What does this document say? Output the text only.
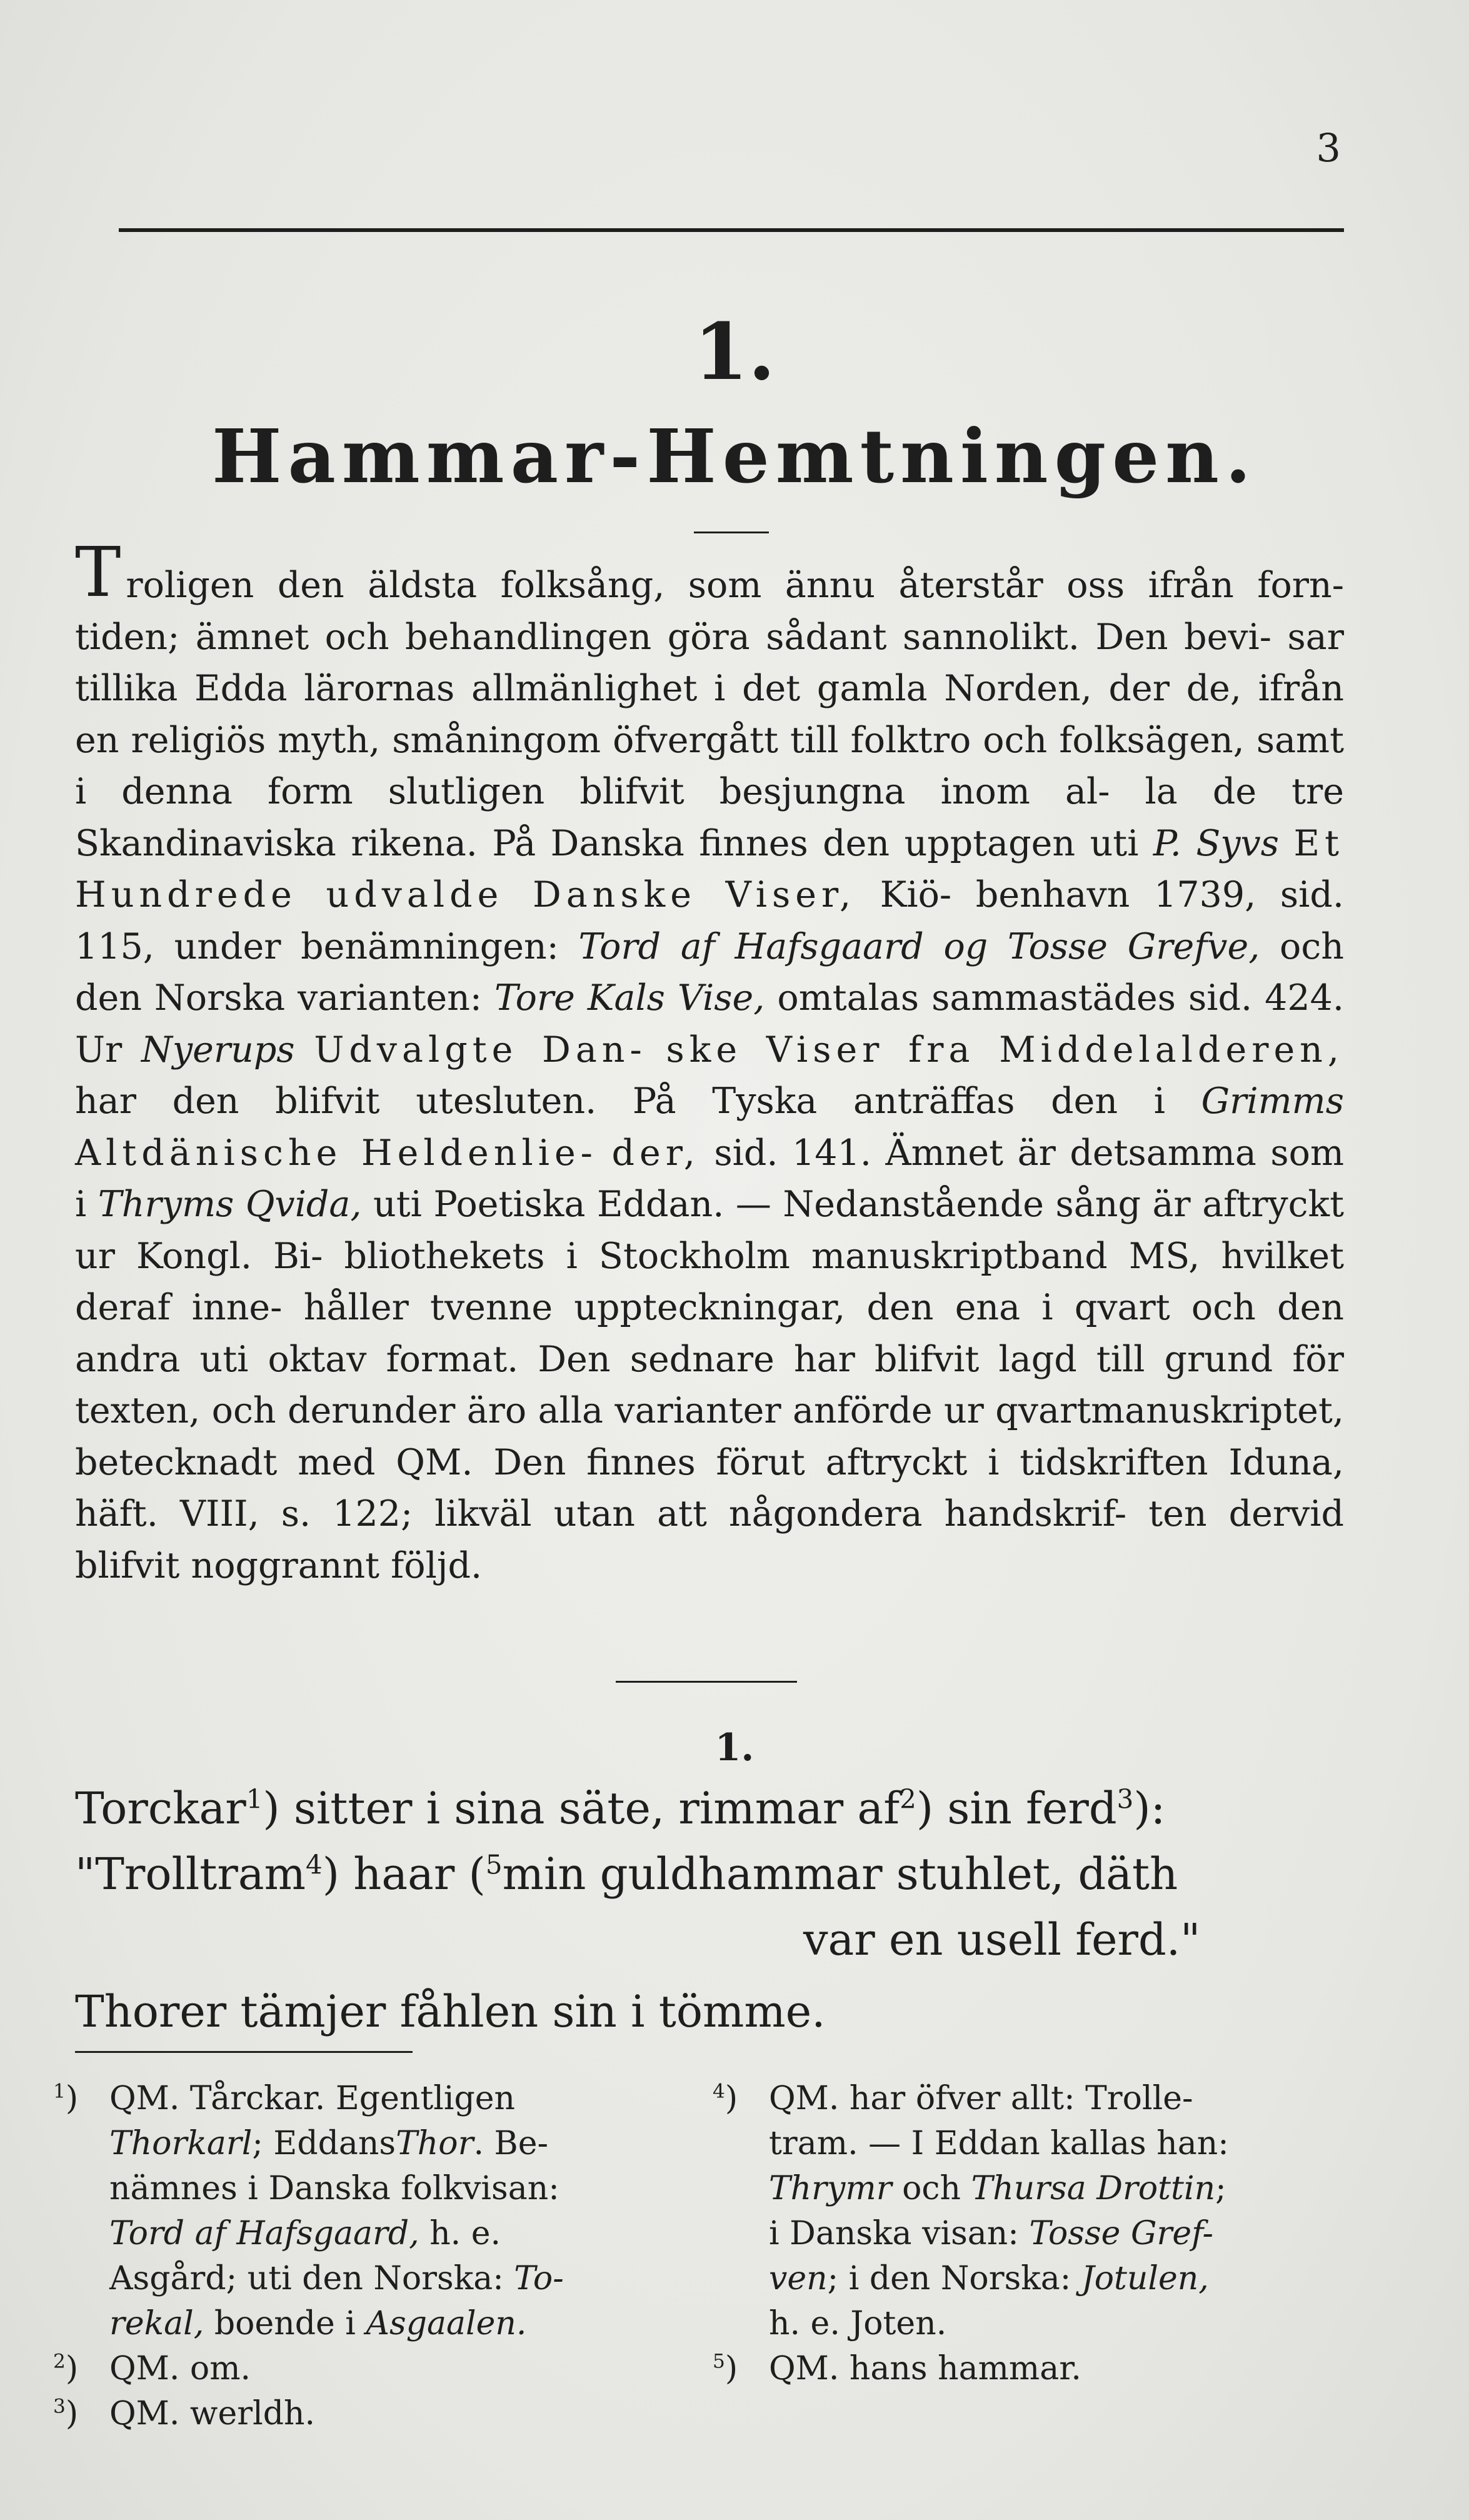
3
1.
Hammar-Hemtningen.

Troligen den äldsta folksång, som ännu återstår oss ifrån forn- tiden; ämnet och behandlingen göra sådant sannolikt. Den bevi- sar tillika Edda lärornas allmänlighet i det gamla Norden, der de, ifrån en religiös myth, småningom öfvergått till folktro och folksägen, samt i denna form slutligen blifvit besjungna inom al- la de tre Skandinaviska rikena. På Danska finnes den upptagen uti P. Syvs Et Hundrede udvalde Danske Viser, Kiö- benhavn 1739, sid. 115, under benämningen: Tord af Hafsgaard og Tosse Grefve, och den Norska varianten: Tore Kals Vise, omtalas sammastädes sid. 424. Ur Nyerups Udvalgte Dan- ske Viser fra Middelalderen, har den blifvit utesluten. På Tyska anträffas den i Grimms Altdänische Heldenlie- der, sid. 141. Ämnet är detsamma som i Thryms Qvida, uti Poetiska Eddan. — Nedanstående sång är aftryckt ur Kongl. Bi- bliothekets i Stockholm manuskriptband MS, hvilket deraf inne- håller tvenne uppteckningar, den ena i qvart och den andra uti oktav format. Den sednare har blifvit lagd till grund för texten, och derunder äro alla varianter anförde ur qvartmanuskriptet, betecknadt med QM. Den finnes förut aftryckt i tidskriften Iduna, häft. VIII, s. 122; likväl utan att någondera handskrif- ten dervid blifvit noggrannt följd.

1.
Torckar$^1$) sitter i sina säte, rimmar $af^2$) sin ferd$^3$):
"Trolltram$^4$) haar ($^5$min guldhammar stuhlet, däth
var en usell ferd."
Thorer tämjer fåhlen sin i tömme.
$^1$) QM. Tårckar. Egentligen
Thorkarl; EddansThor. Be-
nämnes i Danska folkvisan:
Tord af Hafsgaard, h. e.
Asgård; uti den Norska: To-
rekal, boende i Asgaalen.
$^2$) QM. om.
$^3$) QM. werldh.
$^4$) QM. har öfver allt: Trolle-
tram. — I Eddan kallas han:
Thrymr och Thursa Drottin;
i Danska visan: Tosse Gref-
ven; i den Norska: Jotulen,
h. e. Joten.
$^5$) QM. hans hammar.
